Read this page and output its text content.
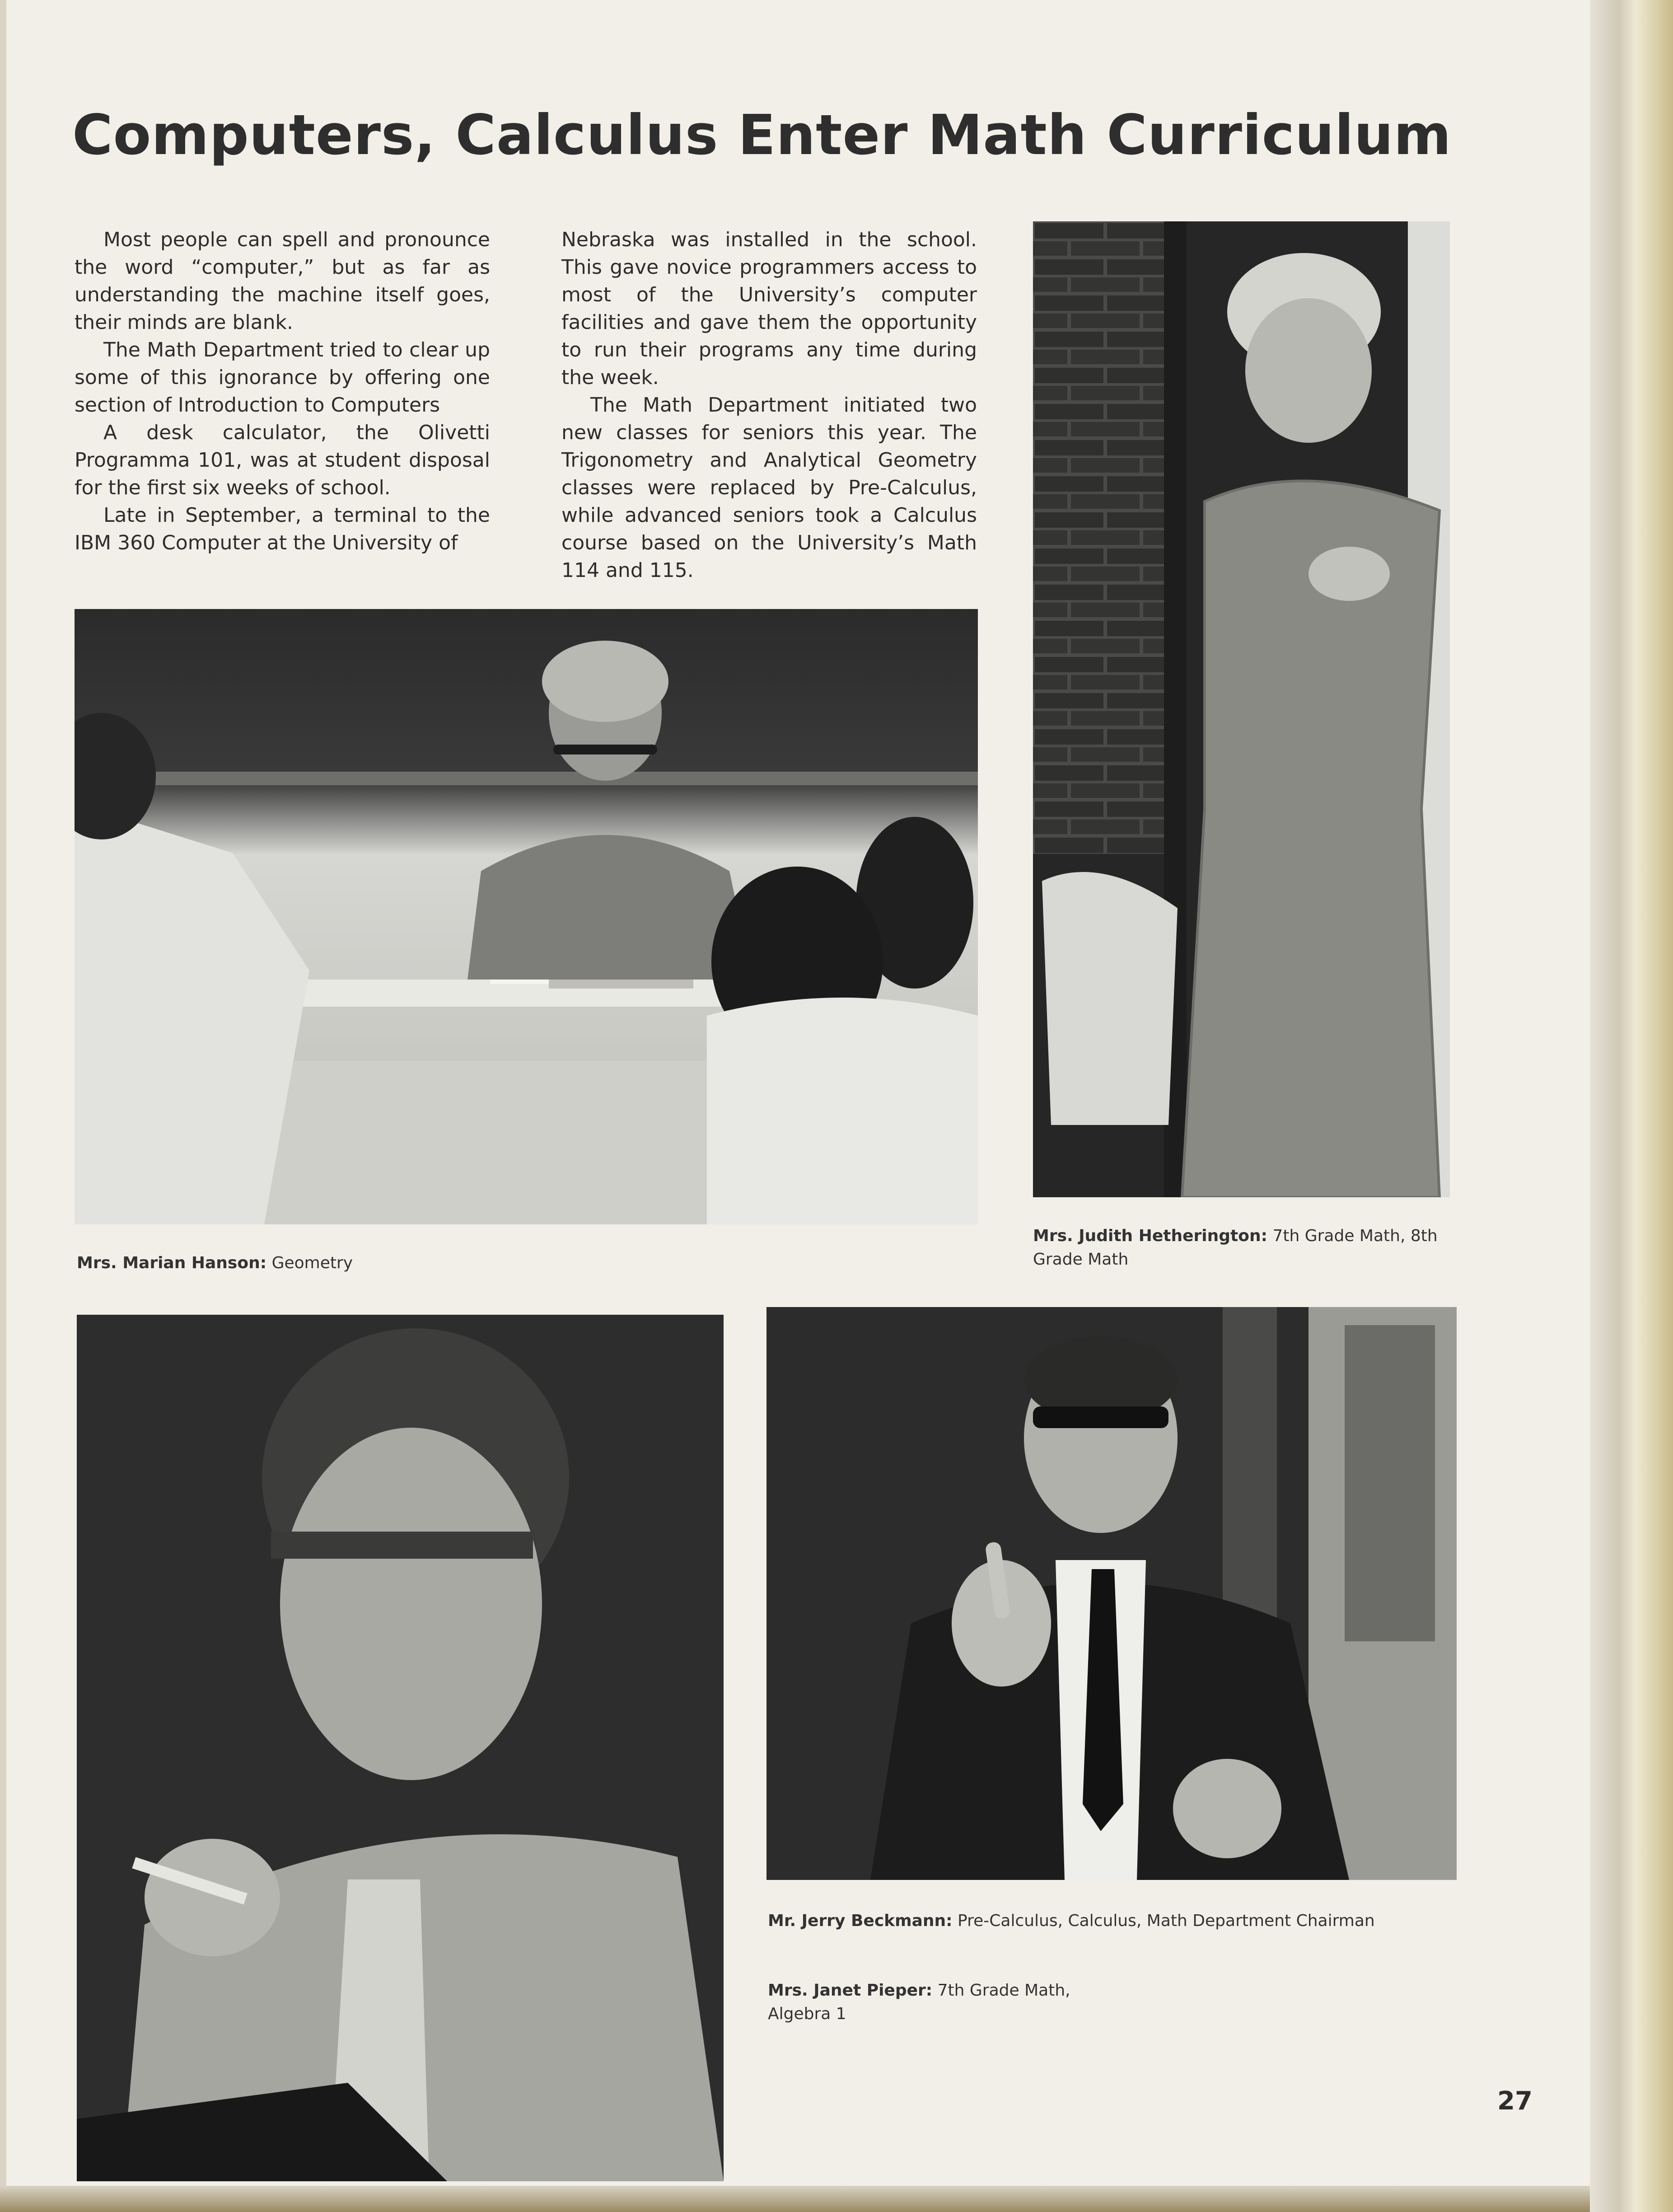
Computers, Calculus Enter Math Curriculum

Most people can spell and pronounce the word “computer,” but as far as understanding the machine itself goes, their minds are blank.

The Math Department tried to clear up some of this ignorance by offering one section of Introduction to Computers

A desk calculator, the Olivetti Programma 101, was at student disposal for the first six weeks of school.

Late in September, a terminal to the IBM 360 Computer at the University of

Nebraska was installed in the school. This gave novice programmers access to most of the University’s computer facilities and gave them the opportunity to run their programs any time during the week.

The Math Department initiated two new classes for seniors this year. The Trigonometry and Analytical Geometry classes were replaced by Pre-Calculus, while advanced seniors took a Calculus course based on the University’s Math 114 and 115.

Mrs. Marian Hanson: Geometry

Mrs. Judith Hetherington: 7th Grade Math, 8th Grade Math

Mr. Jerry Beckmann: Pre-Calculus, Calculus, Math Department Chairman

Mrs. Janet Pieper: 7th Grade Math, Algebra 1

27
